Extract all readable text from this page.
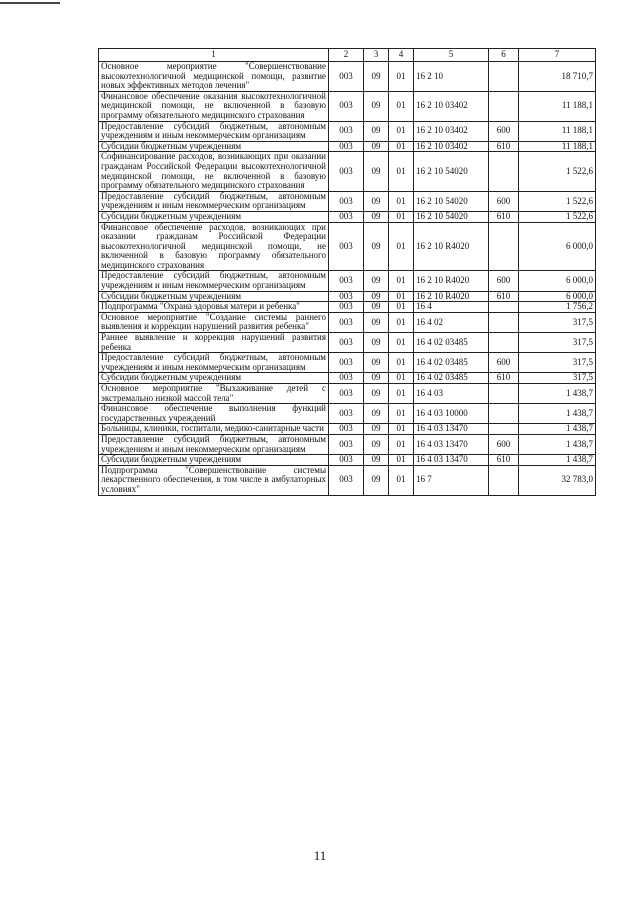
1	2	3	4	5	6	7
Основное мероприятие "Совершенствование высокотехнологичной медицинской помощи, развитие новых эффективных методов лечения"	003	09	01	16 2 10		18 710,7
Финансовое обеспечение оказания высокотехнологичной медицинской помощи, не включенной в базовую программу обязательного медицинского страхования	003	09	01	16 2 10 03402		11 188,1
Предоставление субсидий бюджетным, автономным учреждениям и иным некоммерческим организациям	003	09	01	16 2 10 03402	600	11 188,1
Субсидии бюджетным учреждениям	003	09	01	16 2 10 03402	610	11 188,1
Софинансирование расходов, возникающих при оказании гражданам Российской Федерации высокотехнологичной медицинской помощи, не включенной в базовую программу обязательного медицинского страхования	003	09	01	16 2 10 54020		1 522,6
Предоставление субсидий бюджетным, автономным учреждениям и иным некоммерческим организациям	003	09	01	16 2 10 54020	600	1 522,6
Субсидии бюджетным учреждениям	003	09	01	16 2 10 54020	610	1 522,6
Финансовое обеспечение расходов, возникающих при оказании гражданам Российской Федерации высокотехнологичной медицинской помощи, не включенной в базовую программу обязательного медицинского страхования	003	09	01	16 2 10 R4020		6 000,0
Предоставление субсидий бюджетным, автономным учреждениям и иным некоммерческим организациям	003	09	01	16 2 10 R4020	600	6 000,0
Субсидии бюджетным учреждениям	003	09	01	16 2 10 R4020	610	6 000,0
Подпрограмма "Охрана здоровья матери и ребенка"	003	09	01	16 4		1 756,2
Основное мероприятие "Создание системы раннего выявления и коррекции нарушений развития ребенка"	003	09	01	16 4 02		317,5
Раннее выявление и коррекция нарушений развития ребенка	003	09	01	16 4 02 03485		317,5
Предоставление субсидий бюджетным, автономным учреждениям и иным некоммерческим организациям	003	09	01	16 4 02 03485	600	317,5
Субсидии бюджетным учреждениям	003	09	01	16 4 02 03485	610	317,5
Основное мероприятие "Выхаживание детей с экстремально низкой массой тела"	003	09	01	16 4 03		1 438,7
Финансовое обеспечение выполнения функций государственных учреждений	003	09	01	16 4 03 10000		1 438,7
Больницы, клиники, госпитали, медико-санитарные части	003	09	01	16 4 03 13470		1 438,7
Предоставление субсидий бюджетным, автономным учреждениям и иным некоммерческим организациям	003	09	01	16 4 03 13470	600	1 438,7
Субсидии бюджетным учреждениям	003	09	01	16 4 03 13470	610	1 438,7
Подпрограмма "Совершенствование системы лекарственного обеспечения, в том числе в амбулаторных условиях"	003	09	01	16 7		32 783,0
11
